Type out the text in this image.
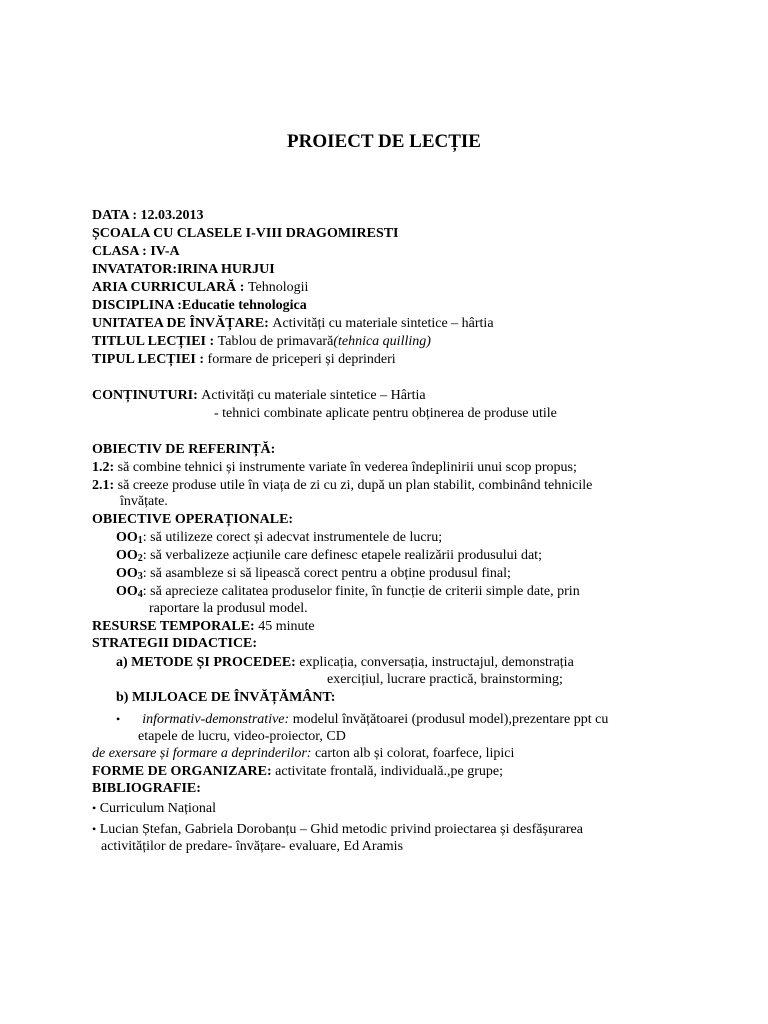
PROIECT DE LECȚIE
DATA : 12.03.2013
ȘCOALA CU CLASELE I-VIII DRAGOMIRESTI
CLASA : IV-A
INVATATOR:IRINA HURJUI
ARIA CURRICULARĂ : Tehnologii
DISCIPLINA :Educatie tehnologica
UNITATEA DE ÎNVĂȚARE: Activități cu materiale sintetice – hârtia
TITLUL LECȚIEI : Tablou de primavară(tehnica quilling)
TIPUL LECȚIEI : formare de priceperi și deprinderi
CONȚINUTURI: Activități cu materiale sintetice – Hârtia
- tehnici combinate aplicate pentru obținerea de produse utile
OBIECTIV DE REFERINȚĂ:
1.2: să combine tehnici și instrumente variate în vederea îndeplinirii unui scop propus;
2.1: să creeze produse utile în viața de zi cu zi, după un plan stabilit, combinând tehnicile
învățate.
OBIECTIVE OPERAȚIONALE:
$OO_1$: să utilizeze corect și adecvat instrumentele de lucru;
$OO_2$: să verbalizeze acțiunile care definesc etapele realizării produsului dat;
$OO_3$: să asambleze si să lipească corect pentru a obține produsul final;
$OO_4$: să aprecieze calitatea produselor finite, în funcție de criterii simple date, prin
raportare la produsul model.
RESURSE TEMPORALE: 45 minute
STRATEGII DIDACTICE:
a) METODE ȘI PROCEDEE: explicația, conversația, instructajul, demonstrația
exercițiul, lucrare practică, brainstorming;
b) MIJLOACE DE ÎNVĂȚĂMÂNT:
• informativ-demonstrative: modelul învățătoarei (produsul model),prezentare ppt cu
etapele de lucru, video-proiector, CD
de exersare și formare a deprinderilor: carton alb și colorat, foarfece, lipici
FORME DE ORGANIZARE: activitate frontală, individuală.,pe grupe;
BIBLIOGRAFIE:
• Curriculum Național
• Lucian Ștefan, Gabriela Dorobanțu – Ghid metodic privind proiectarea și desfășurarea
activităților de predare- învățare- evaluare, Ed Aramis
